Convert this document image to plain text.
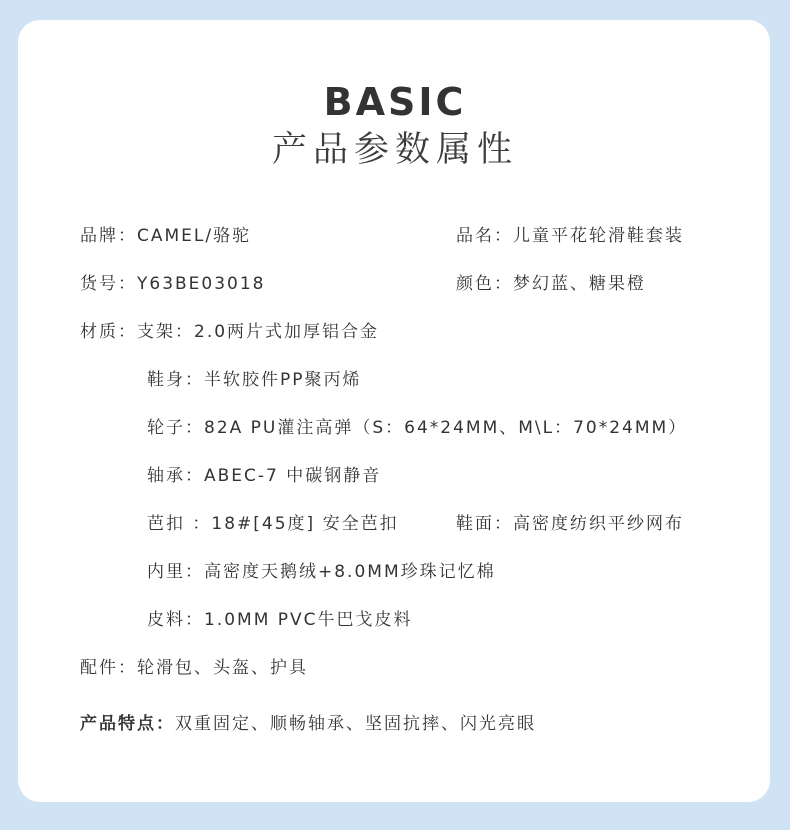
BASIC
产品参数属性
品牌：CAMEL/骆驼	品名：儿童平花轮滑鞋套装
货号：Y63BE03018	颜色：梦幻蓝、糖果橙
材质：支架：2.0两片式加厚铝合金
鞋身：半软胶件PP聚丙烯
轮子：82A PU灌注高弹（S：64*24MM、M\L：70*24MM）
轴承：ABEC-7 中碳钢静音
芭扣 ：18#[45度] 安全芭扣	鞋面：高密度纺织平纱网布
内里：高密度天鹅绒+8.0MM珍珠记忆棉
皮料：1.0MM PVC牛巴戈皮料
配件：轮滑包、头盔、护具
产品特点：双重固定、顺畅轴承、坚固抗摔、闪光亮眼
